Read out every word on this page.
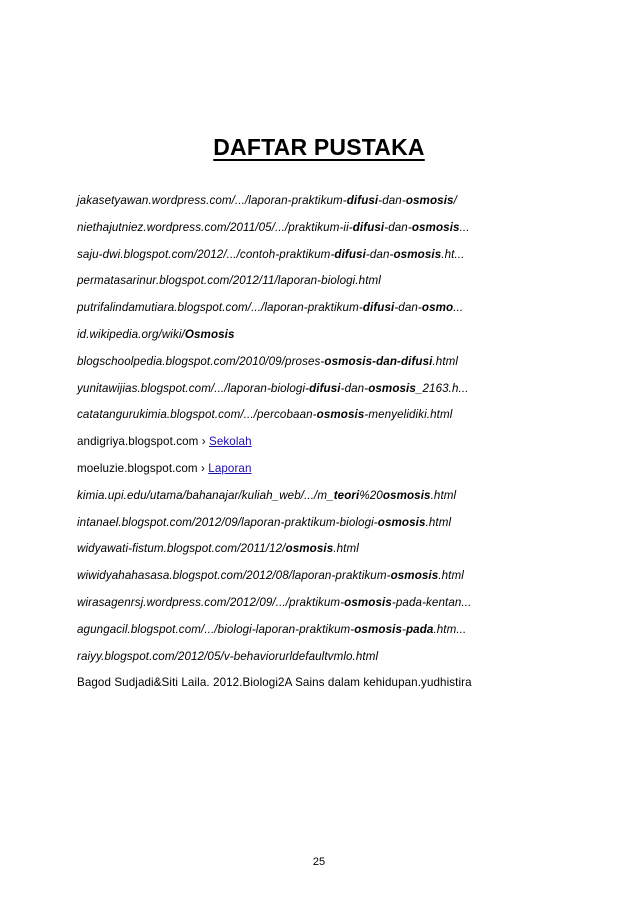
DAFTAR PUSTAKA
jakasetyawan.wordpress.com/.../laporan-praktikum-difusi-dan-osmosis/
niethajutniez.wordpress.com/2011/05/.../praktikum-ii-difusi-dan-osmosis...
saju-dwi.blogspot.com/2012/.../contoh-praktikum-difusi-dan-osmosis.ht...
permatasarinur.blogspot.com/2012/11/laporan-biologi.html
putrifalindamutiara.blogspot.com/.../laporan-praktikum-difusi-dan-osmo...
id.wikipedia.org/wiki/Osmosis
blogschoolpedia.blogspot.com/2010/09/proses-osmosis-dan-difusi.html
yunitawijias.blogspot.com/.../laporan-biologi-difusi-dan-osmosis_2163.h...
catatangurukimia.blogspot.com/.../percobaan-osmosis-menyelidiki.html
andigriya.blogspot.com › Sekolah
moeluzie.blogspot.com › Laporan
kimia.upi.edu/utama/bahanajar/kuliah_web/.../m_teori%20osmosis.html
intanael.blogspot.com/2012/09/laporan-praktikum-biologi-osmosis.html
widyawati-fistum.blogspot.com/2011/12/osmosis.html
wiwidyahahasasa.blogspot.com/2012/08/laporan-praktikum-osmosis.html
wirasagenrsj.wordpress.com/2012/09/.../praktikum-osmosis-pada-kentan...
agungacil.blogspot.com/.../biologi-laporan-praktikum-osmosis-pada.htm...
raiyy.blogspot.com/2012/05/v-behaviorurldefaultvmlo.html
Bagod Sudjadi&Siti Laila. 2012.Biologi2A Sains dalam kehidupan.yudhistira
25
